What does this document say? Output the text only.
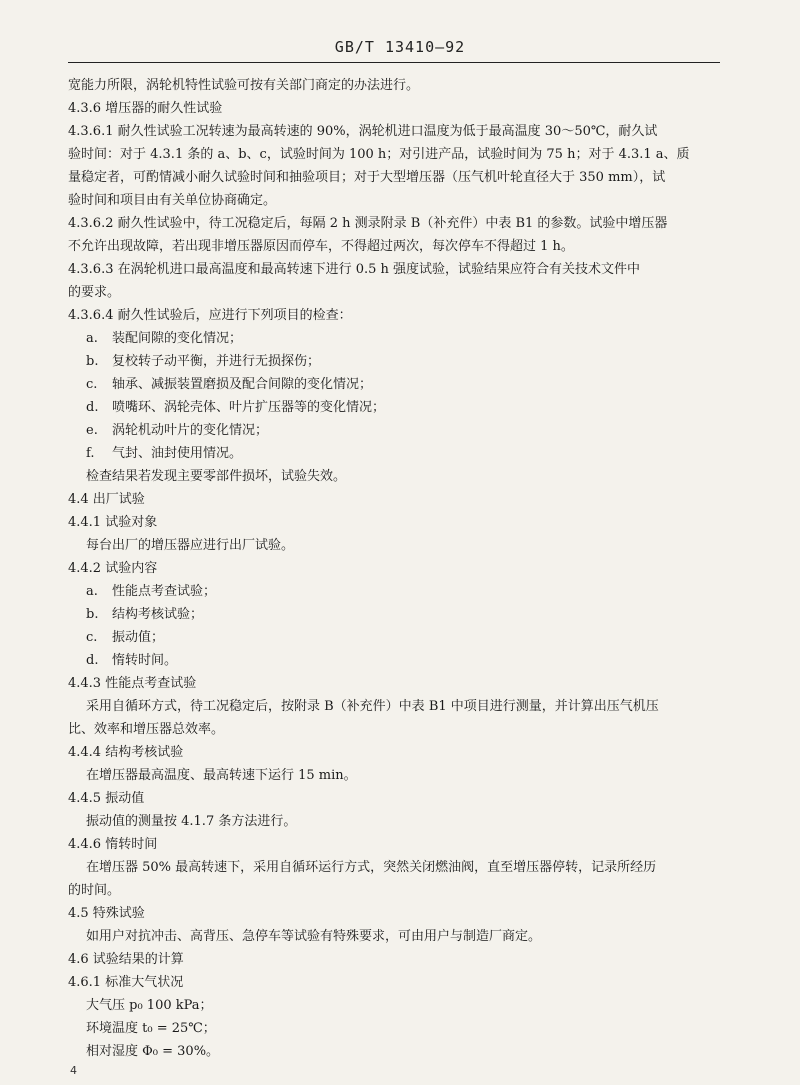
GB/T 13410—92
宽能力所限，涡轮机特性试验可按有关部门商定的办法进行。
4.3.6 增压器的耐久性试验
4.3.6.1 耐久性试验工况转速为最高转速的 90%，涡轮机进口温度为低于最高温度 30～50℃，耐久试
验时间：对于 4.3.1 条的 a、b、c，试验时间为 100 h；对引进产品，试验时间为 75 h；对于 4.3.1 a、质
量稳定者，可酌情减小耐久试验时间和抽验项目；对于大型增压器（压气机叶轮直径大于 350 mm），试
验时间和项目由有关单位协商确定。
4.3.6.2 耐久性试验中，待工况稳定后，每隔 2 h 测录附录 B（补充件）中表 B1 的参数。试验中增压器
不允许出现故障，若出现非增压器原因而停车，不得超过两次，每次停车不得超过 1 h。
4.3.6.3 在涡轮机进口最高温度和最高转速下进行 0.5 h 强度试验，试验结果应符合有关技术文件中
的要求。
4.3.6.4 耐久性试验后，应进行下列项目的检查：
a. 装配间隙的变化情况；
b. 复校转子动平衡，并进行无损探伤；
c. 轴承、减振装置磨损及配合间隙的变化情况；
d. 喷嘴环、涡轮壳体、叶片扩压器等的变化情况；
e. 涡轮机动叶片的变化情况；
f. 气封、油封使用情况。
检查结果若发现主要零部件损坏，试验失效。
4.4 出厂试验
4.4.1 试验对象
每台出厂的增压器应进行出厂试验。
4.4.2 试验内容
a. 性能点考查试验；
b. 结构考核试验；
c. 振动值；
d. 惰转时间。
4.4.3 性能点考查试验
采用自循环方式，待工况稳定后，按附录 B（补充件）中表 B1 中项目进行测量，并计算出压气机压
比、效率和增压器总效率。
4.4.4 结构考核试验
在增压器最高温度、最高转速下运行 15 min。
4.4.5 振动值
振动值的测量按 4.1.7 条方法进行。
4.4.6 惰转时间
在增压器 50% 最高转速下，采用自循环运行方式，突然关闭燃油阀，直至增压器停转，记录所经历
的时间。
4.5 特殊试验
如用户对抗冲击、高背压、急停车等试验有特殊要求，可由用户与制造厂商定。
4.6 试验结果的计算
4.6.1 标准大气状况
大气压 p₀ 100 kPa；
环境温度 t₀ = 25℃；
相对湿度 Φ₀ = 30%。
4
